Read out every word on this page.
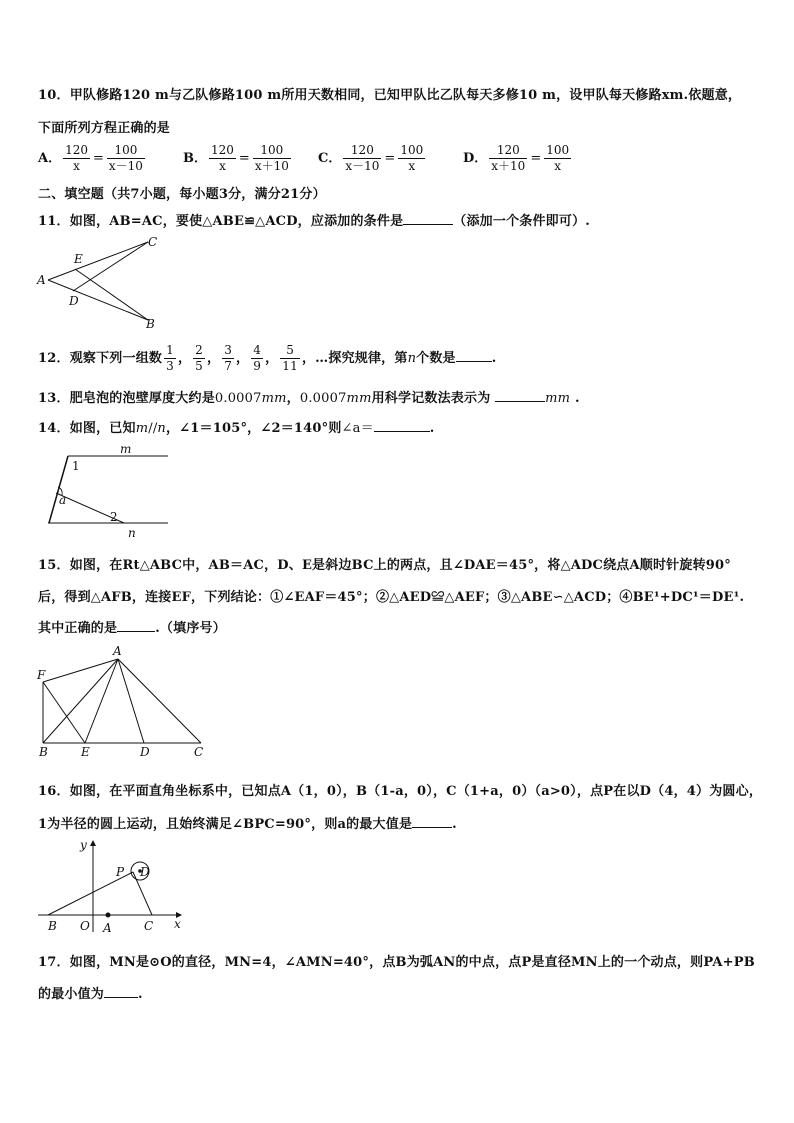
10．甲队修路120 m与乙队修路100 m所用天数相同，已知甲队比乙队每天多修10 m，设甲队每天修路xm.依题意，
下面所列方程正确的是
A． $\frac{120}{x} = \frac{100}{x-10}$	B． $\frac{120}{x} = \frac{100}{x+10}$ C． $\frac{120}{x-10} = \frac{100}{x}$	D． $\frac{120}{x+10} = \frac{100}{x}$
二、填空题（共7小题，每小题3分，满分21分）
11．如图，AB=AC，要使△ABE≌△ACD，应添加的条件是	（添加一个条件即可）.
A
C
E
D
B
12．观察下列一组数 $\frac{1}{3}$ ， $\frac{2}{5}$ ， $\frac{3}{7}$ ， $\frac{4}{9}$ ， $\frac{5}{11}$ ，…探究规律，第n个数是	.
13．肥皂泡的泡壁厚度大约是0.0007mm，0.0007mm用科学记数法表示为	mm .
14．如图，已知m//n，∠1＝105°，∠2＝140°则∠a＝	.
m
n
1
2
a
15．如图，在Rt△ABC中，AB＝AC，D、E是斜边BC上的两点，且∠DAE＝45°，将△ADC绕点A顺时针旋转90°
后，得到△AFB，连接EF，下列结论：①∠EAF＝45°；②△AED≌△AEF；③△ABE∽△ACD；④BE¹+DC¹＝DE¹.
其中正确的是	.（填序号）
A
F
B	E	D	C
16．如图，在平面直角坐标系中，已知点A（1，0），B（1-a，0），C（1+a，0）（a>0），点P在以D（4，4）为圆心，
1为半径的圆上运动，且始终满足∠BPC=90°，则a的最大值是	.
y
x
P D
B O A	C
17．如图，MN是⊙O的直径，MN=4，∠AMN=40°，点B为弧AN的中点，点P是直径MN上的一个动点，则PA+PB
的最小值为	.
